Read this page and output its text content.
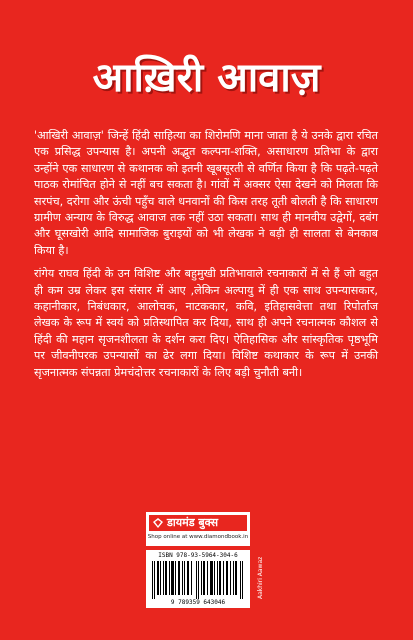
आख़िरी आवाज़

'आखिरी आवाज़' जिन्हें हिंदी साहित्या का शिरोमणि माना जाता है ये उनके द्वारा रचित एक प्रसिद्ध उपन्यास है। अपनी अद्भुत कल्पना-शक्ति, असाधारण प्रतिभा के द्वारा उन्होंने एक साधारण से कथानक को इतनी खूबसूरती से वर्णित किया है कि पढ़ते-पढ़ते पाठक रोमांचित होने से नहीं बच सकता है। गांवों में अक्सर ऐसा देखने को मिलता कि सरपंच, दरोगा और ऊंची पहुँच वाले धनवानों की किस तरह तूती बोलती है कि साधारण ग्रामीण अन्याय के विरुद्ध आवाज तक नहीं उठा सकता। साथ ही मानवीय उद्वेगों, दबंग और घूसखोरी आदि सामाजिक बुराइयों को भी लेखक ने बड़ी ही सालता से बेनकाब किया है।

रांगेय राघव हिंदी के उन विशिष्ट और बहुमुखी प्रतिभावाले रचनाकारों में से हैं जो बहुत ही कम उम्र लेकर इस संसार में आए ,लेकिन अल्पायु में ही एक साथ उपन्यासकार, कहानीकार, निबंधकार, आलोचक, नाटककार, कवि, इतिहासवेत्ता तथा रिपोर्ताज लेखक के रूप में स्वयं को प्रतिस्थापित कर दिया, साथ ही अपने रचनात्मक कौशल से हिंदी की महान सृजनशीलता के दर्शन करा दिए। ऐतिहासिक और सांस्कृतिक पृष्ठभूमि पर जीवनीपरक उपन्यासों का ढेर लगा दिया। विशिष्ट कथाकार के रूप में उनकी सृजनात्मक संपन्नता प्रेमचंदोत्तर रचनाकारों के लिए बड़ी चुनौती बनी।

डायमंड बुक्स
Shop online at www.diamondbook.in
ISBN 978-93-5964-304-6
9 789359 643046
Aakhiri Aawaz
